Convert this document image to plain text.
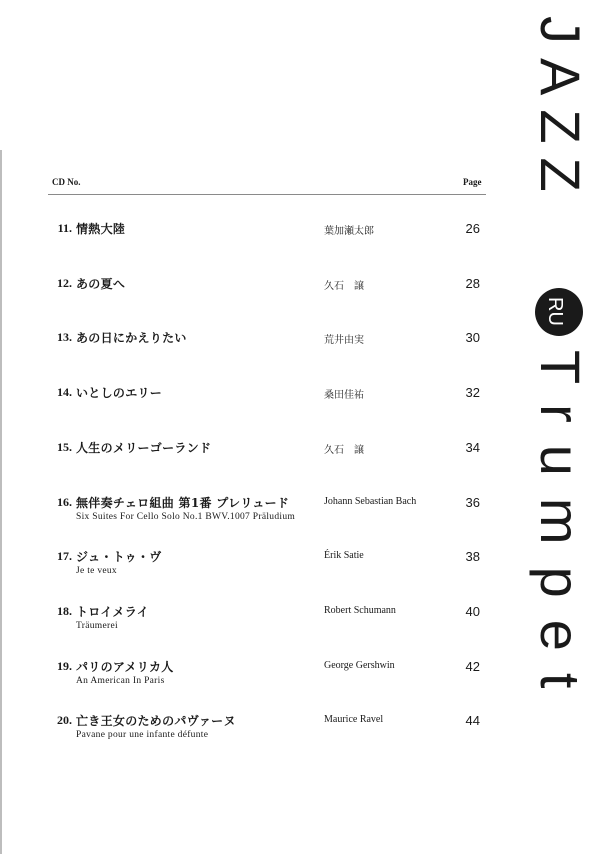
CD No.	Page
11. 情熱大陸	葉加瀬太郎	26
12. あの夏へ	久石　譲	28
13. あの日にかえりたい	荒井由実	30
14. いとしのエリー	桑田佳祐	32
15. 人生のメリーゴーランド	久石　譲	34
16. 無伴奏チェロ組曲 第1番 プレリュード
Six Suites For Cello Solo No.1 BWV.1007 Präludium
Johann Sebastian Bach	36
17. ジュ・トゥ・ヴ
Je te veux
Érik Satie	38
18. トロイメライ
Träumerei
Robert Schumann	40
19. パリのアメリカ人
An American In Paris
George Gershwin	42
20. 亡き王女のためのパヴァーヌ
Pavane pour une infante défunte
Maurice Ravel	44
JAZZ
RU
Trumpet
